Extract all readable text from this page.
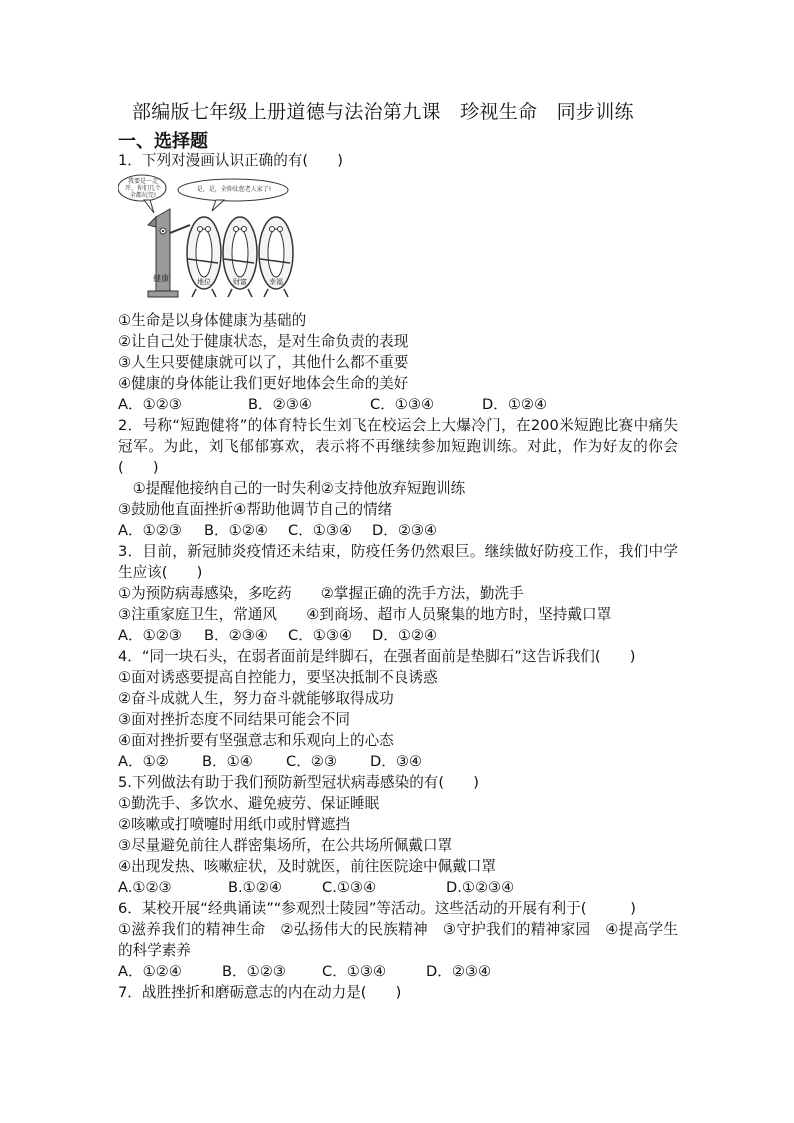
部编版七年级上册道德与法治第九课　珍视生命　同步训练
一、选择题
1．下列对漫画认识正确的有(　　)
我要是一走开，你们几个全都玩完!
是，是，全仰仗您老人家了!
健康	地位	财富	幸福
①生命是以身体健康为基础的
②让自己处于健康状态，是对生命负责的表现
③人生只要健康就可以了，其他什么都不重要
④健康的身体能让我们更好地体会生命的美好
A．①②③	B．②③④	C．①③④	D．①②④
2．号称“短跑健将”的体育特长生刘飞在校运会上大爆冷门，在200米短跑比赛中痛失冠军。为此，刘飞郁郁寡欢，表示将不再继续参加短跑训练。对此，作为好友的你会(　　)
　①提醒他接纳自己的一时失利②支持他放弃短跑训练
③鼓励他直面挫折④帮助他调节自己的情绪
A．①②③	B．①②④	C．①③④	D．②③④
3．目前，新冠肺炎疫情还未结束，防疫任务仍然艰巨。继续做好防疫工作，我们中学生应该(　　)
①为预防病毒感染，多吃药　　②掌握正确的洗手方法，勤洗手
③注重家庭卫生，常通风　　④到商场、超市人员聚集的地方时，坚持戴口罩
A．①②③	B．②③④	C．①③④	D．①②④
4．“同一块石头，在弱者面前是绊脚石，在强者面前是垫脚石”这告诉我们(　　)
①面对诱惑要提高自控能力，要坚决抵制不良诱惑
②奋斗成就人生，努力奋斗就能够取得成功
③面对挫折态度不同结果可能会不同
④面对挫折要有坚强意志和乐观向上的心态
A．①②	B．①④	C．②③	D．③④
5.下列做法有助于我们预防新型冠状病毒感染的有(　　)
①勤洗手、多饮水、避免疲劳、保证睡眠
②咳嗽或打喷嚏时用纸巾或肘臂遮挡
③尽量避免前往人群密集场所，在公共场所佩戴口罩
④出现发热、咳嗽症状，及时就医，前往医院途中佩戴口罩
A.①②③	B.①②④	C.①③④	D.①②③④
6．某校开展“经典诵读”“参观烈士陵园”等活动。这些活动的开展有利于(　　　)
①滋养我们的精神生命　②弘扬伟大的民族精神　③守护我们的精神家园　④提高学生的科学素养
A．①②④	B．①②③	C．①③④	D．②③④
7．战胜挫折和磨砺意志的内在动力是(　　)
